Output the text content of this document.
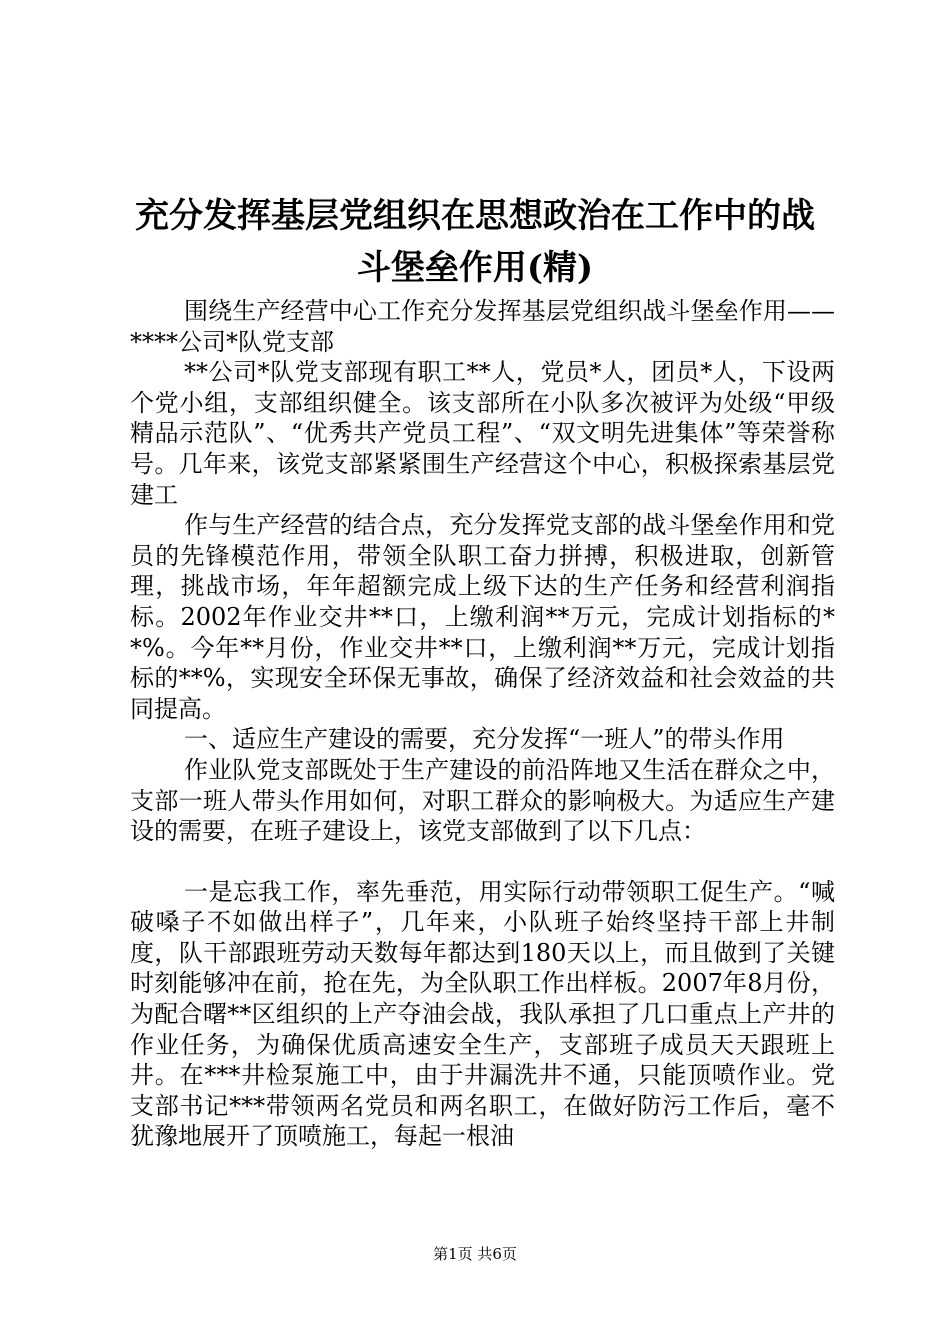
充分发挥基层党组织在思想政治在工作中的战
斗堡垒作用(精)

围绕生产经营中心工作充分发挥基层党组织战斗堡垒作用——****公司*队党支部

**公司*队党支部现有职工**人，党员*人，团员*人，下设两个党小组，支部组织健全。该支部所在小队多次被评为处级“甲级精品示范队”、“优秀共产党员工程”、“双文明先进集体”等荣誉称号。几年来，该党支部紧紧围生产经营这个中心，积极探索基层党建工

作与生产经营的结合点，充分发挥党支部的战斗堡垒作用和党员的先锋模范作用，带领全队职工奋力拼搏，积极进取，创新管理，挑战市场，年年超额完成上级下达的生产任务和经营利润指标。2002年作业交井**口，上缴利润**万元，完成计划指标的**%。今年**月份，作业交井**口，上缴利润**万元，完成计划指标的**%，实现安全环保无事故，确保了经济效益和社会效益的共同提高。

一、适应生产建设的需要，充分发挥“一班人”的带头作用

作业队党支部既处于生产建设的前沿阵地又生活在群众之中，支部一班人带头作用如何，对职工群众的影响极大。为适应生产建设的需要，在班子建设上，该党支部做到了以下几点：

一是忘我工作，率先垂范，用实际行动带领职工促生产。“喊破嗓子不如做出样子”，几年来，小队班子始终坚持干部上井制度，队干部跟班劳动天数每年都达到180天以上，而且做到了关键时刻能够冲在前，抢在先，为全队职工作出样板。2007年8月份，为配合曙**区组织的上产夺油会战，我队承担了几口重点上产井的作业任务，为确保优质高速安全生产，支部班子成员天天跟班上井。在***井检泵施工中，由于井漏洗井不通，只能顶喷作业。党支部书记***带领两名党员和两名职工，在做好防污工作后，毫不犹豫地展开了顶喷施工，每起一根油

第1页 共6页
